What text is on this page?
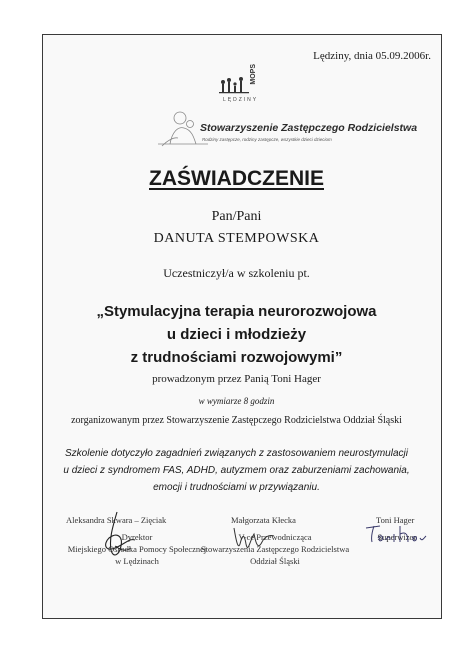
Lędziny, dnia 05.09.2006r.
MOPS
LĘDZINY
Stowarzyszenie Zastępczego Rodzicielstwa
Rodziny zastępcze, rodziny zastępcze, wszystkie dzieci dzieciom
ZAŚWIADCZENIE
Pan/Pani
DANUTA STEMPOWSKA
Uczestniczył/a w szkoleniu pt.
„Stymulacyjna terapia neurorozwojowa
u dzieci i młodzieży
z trudnościami rozwojowymi”
prowadzonym przez Panią Toni Hager
w wymiarze 8 godzin
zorganizowanym przez Stowarzyszenie Zastępczego Rodzicielstwa Oddział Śląski
Szkolenie dotyczyło zagadnień związanych z zastosowaniem neurostymulacji
u dzieci z syndromem FAS, ADHD, autyzmem oraz zaburzeniami zachowania,
emocji i trudnościami w przywiązaniu.
Aleksandra Skwara – Zięciak
Dyrektor
Miejskiego Ośrodka Pomocy Społecznej
w Lędzinach
Małgorzata Kłecka
V-ce Przewodnicząca
Stowarzyszenia Zastępczego Rodzicielstwa
Oddział Śląski
Toni Hager
Superwizor
